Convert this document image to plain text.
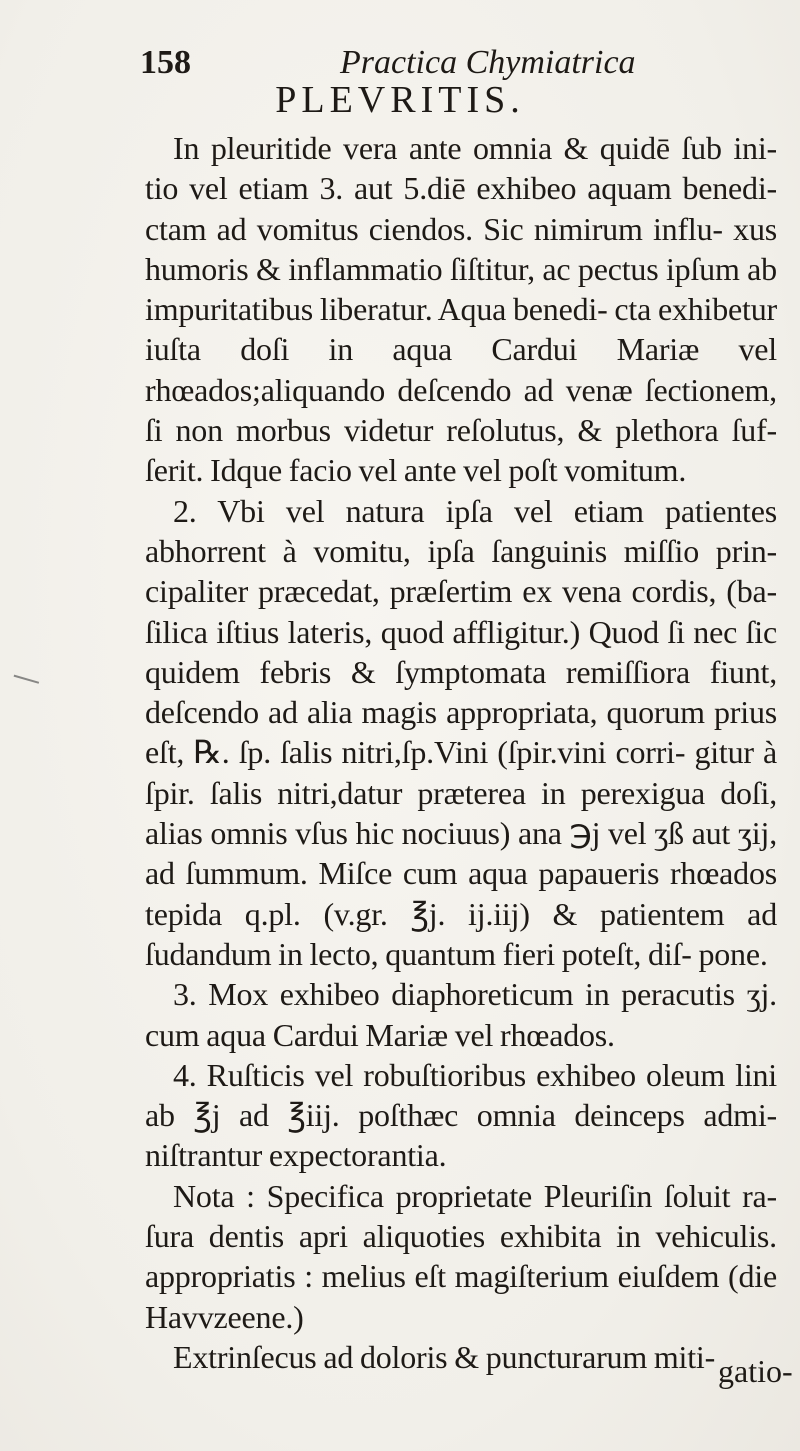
158	Practica Chymiatrica
PLEVRITIS.

In pleuritide vera ante omnia & quidē ſub ini- tio vel etiam 3. aut 5.diē exhibeo aquam benedi- ctam ad vomitus ciendos. Sic nimirum influ- xus humoris & inflammatio ſiſtitur, ac pectus ipſum ab impuritatibus liberatur. Aqua benedi- cta exhibetur iuſta doſi in aqua Cardui Mariæ vel rhœados;aliquando deſcendo ad venæ ſectionem, ſi non morbus videtur reſolutus, & plethora ſuf- ſerit. Idque facio vel ante vel poſt vomitum.

2. Vbi vel natura ipſa vel etiam patientes abhorrent à vomitu, ipſa ſanguinis miſſio prin- cipaliter præcedat, præſertim ex vena cordis, (ba- ſilica iſtius lateris, quod affligitur.) Quod ſi nec ſic quidem febris & ſymptomata remiſſiora fiunt, deſcendo ad alia magis appropriata, quorum prius eſt, ℞. ſp. ſalis nitri,ſp.Vini (ſpir.vini corri- gitur à ſpir. ſalis nitri,datur præterea in perexigua doſi, alias omnis vſus hic nociuus) ana ℈j vel ʒß aut ʒij, ad ſummum. Miſce cum aqua papaueris rhœados tepida q.pl. (v.gr. ℥j. ij.iij) & patientem ad ſudandum in lecto, quantum fieri poteſt, diſ- pone.

3. Mox exhibeo diaphoreticum in peracutis ʒj. cum aqua Cardui Mariæ vel rhœados.

4. Ruſticis vel robuſtioribus exhibeo oleum lini ab ℥j ad ℥iij. poſthæc omnia deinceps admi- niſtrantur expectorantia.

Nota : Specifica proprietate Pleuriſin ſoluit ra- ſura dentis apri aliquoties exhibita in vehiculis. appropriatis : melius eſt magiſterium eiuſdem (die Havvzeene.)

Extrinſecus ad doloris & puncturarum miti- gatio-
